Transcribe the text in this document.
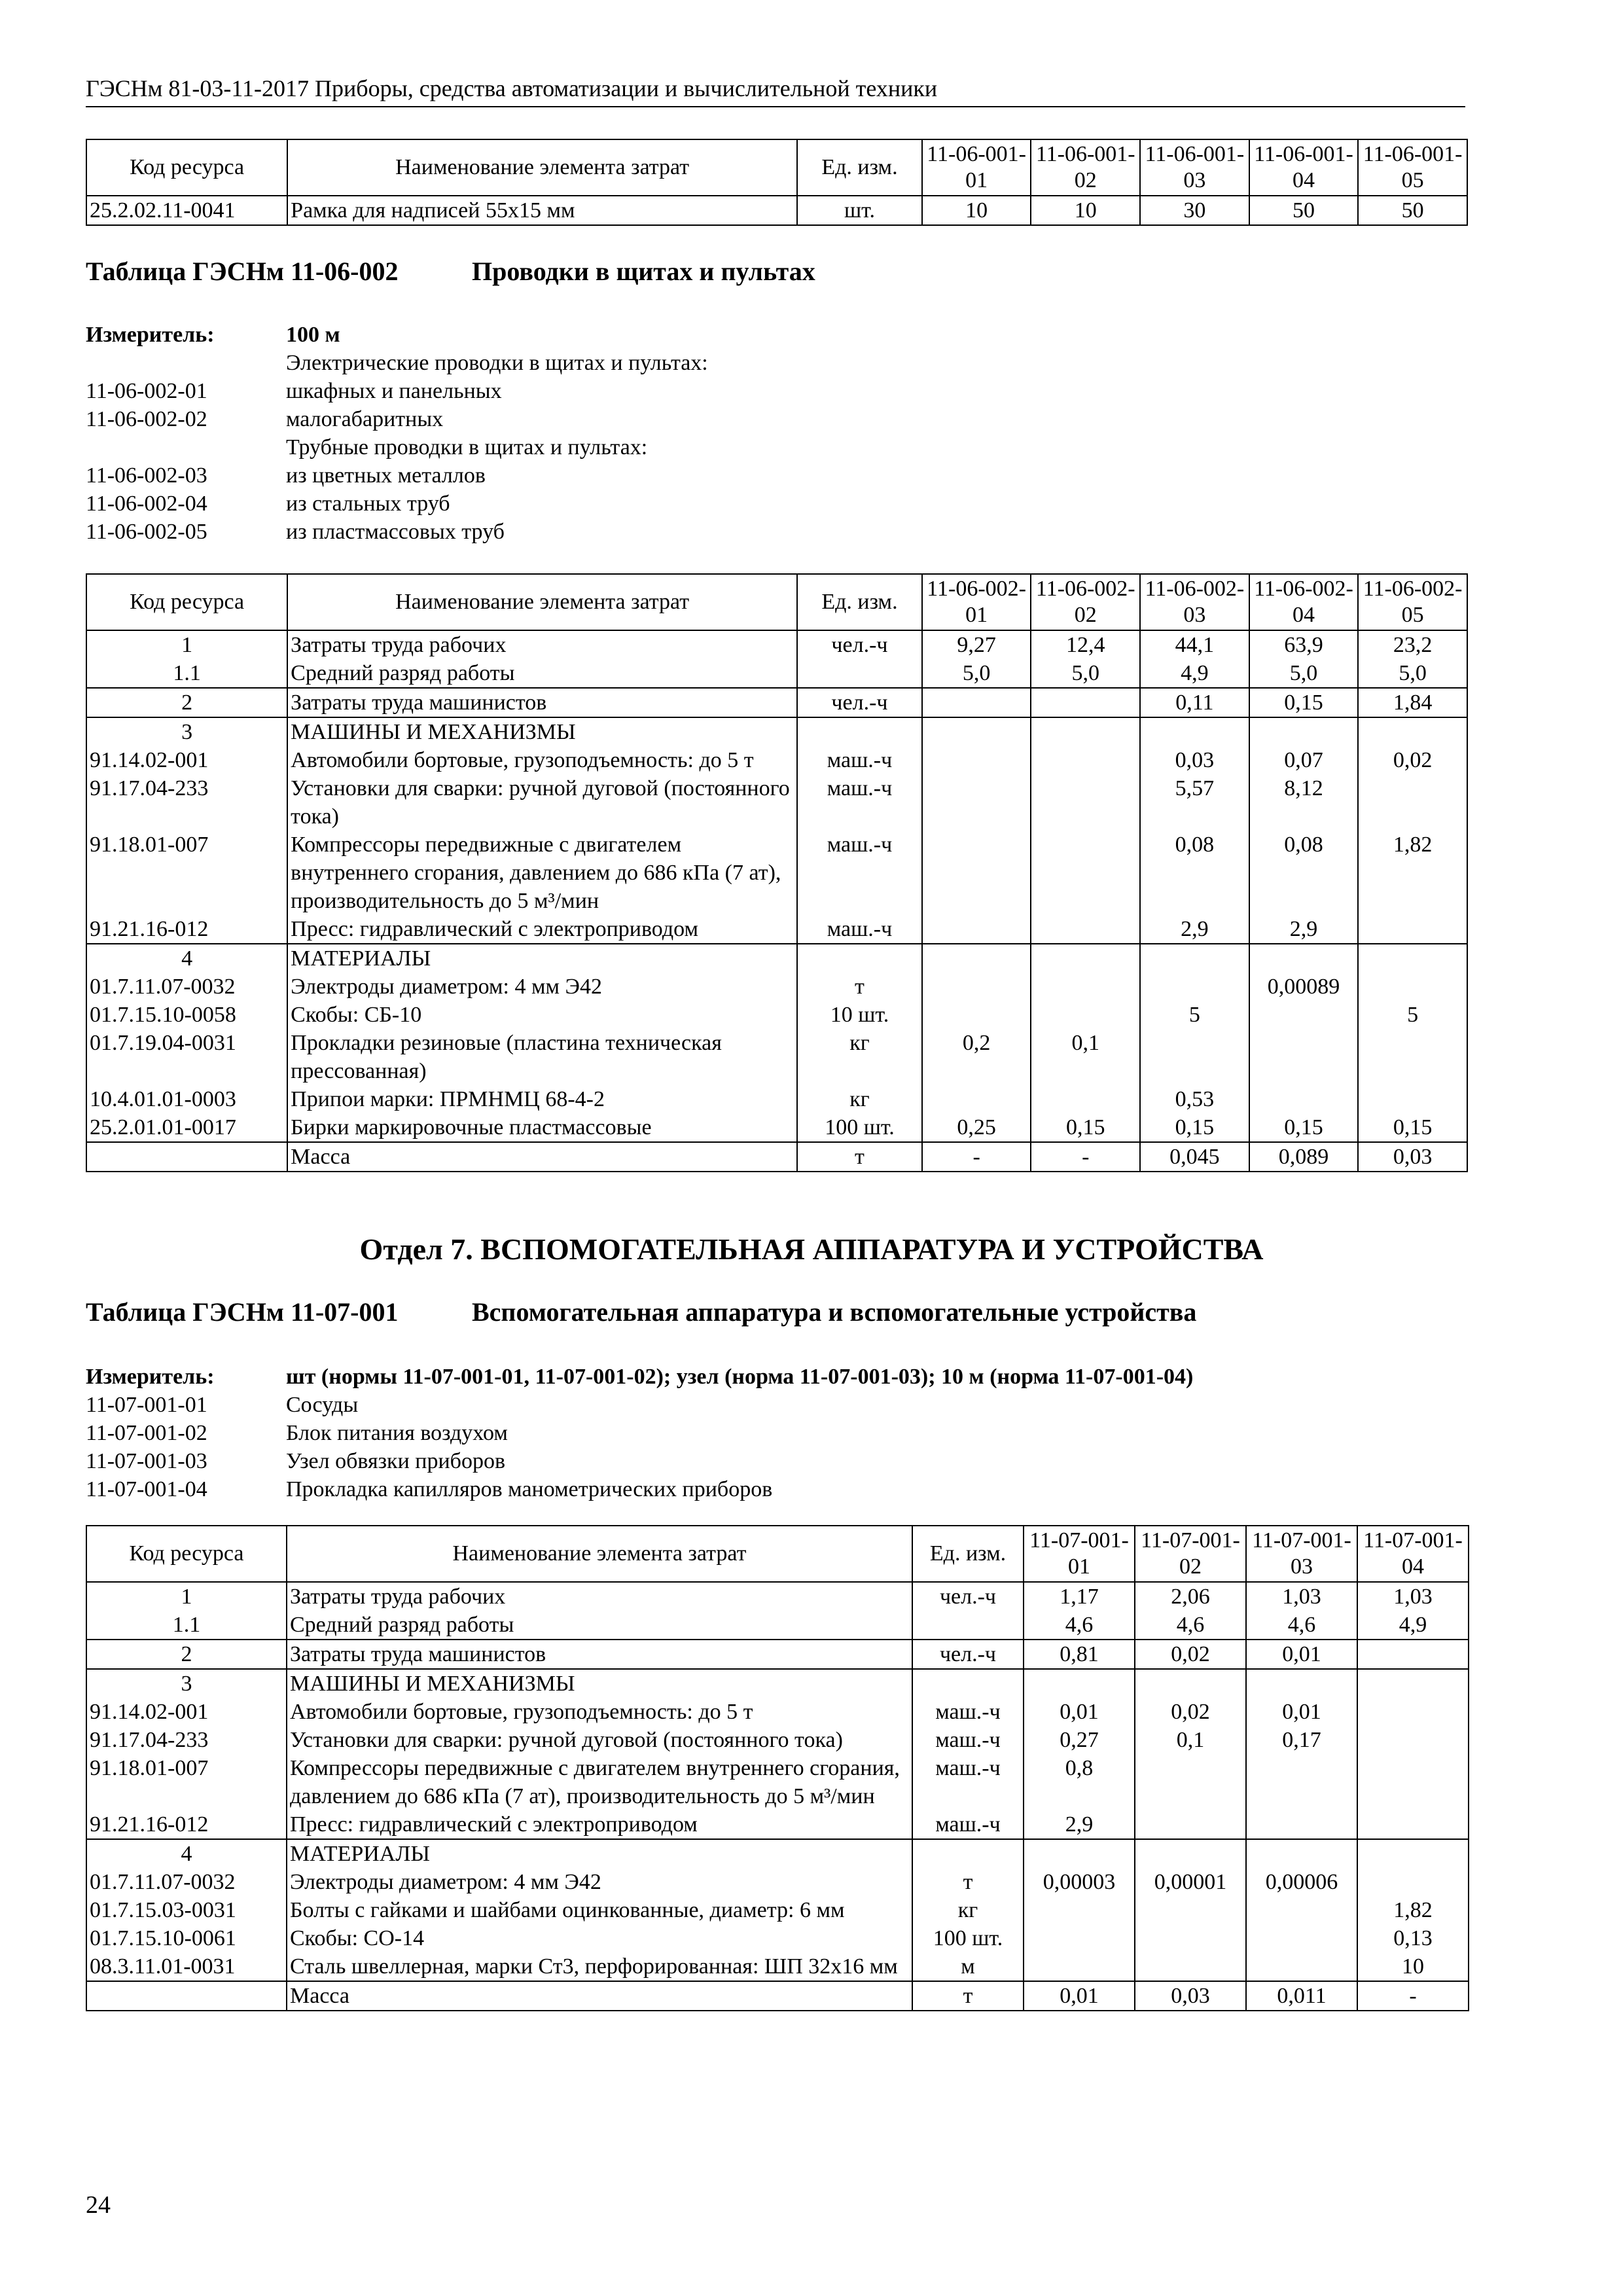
ГЭСНм 81-03-11-2017 Приборы, средства автоматизации и вычислительной техники
Код ресурса	Наименование элемента затрат	Ед. изм.	11-06-001-01	11-06-001-02	11-06-001-03	11-06-001-04	11-06-001-05
25.2.02.11-0041	Рамка для надписей 55х15 мм	шт.	10	10	30	50	50
Таблица ГЭСНм 11-06-002	Проводки в щитах и пультах
Измеритель:	100 м
Электрические проводки в щитах и пультах:
11-06-002-01	шкафных и панельных
11-06-002-02	малогабаритных
Трубные проводки в щитах и пультах:
11-06-002-03	из цветных металлов
11-06-002-04	из стальных труб
11-06-002-05	из пластмассовых труб
Код ресурса	Наименование элемента затрат	Ед. изм.	11-06-002-01	11-06-002-02	11-06-002-03	11-06-002-04	11-06-002-05
1	Затраты труда рабочих	чел.-ч	9,27	12,4	44,1	63,9	23,2
1.1	Средний разряд работы		5,0	5,0	4,9	5,0	5,0
2	Затраты труда машинистов	чел.-ч			0,11	0,15	1,84
3	МАШИНЫ И МЕХАНИЗМЫ						
91.14.02-001	Автомобили бортовые, грузоподъемность: до 5 т	маш.-ч			0,03	0,07	0,02
91.17.04-233	Установки для сварки: ручной дуговой (постоянного тока)	маш.-ч			5,57	8,12	
91.18.01-007	Компрессоры передвижные с двигателем внутреннего сгорания, давлением до 686 кПа (7 ат), производительность до 5 м³/мин	маш.-ч			0,08	0,08	1,82
91.21.16-012	Пресс: гидравлический с электроприводом	маш.-ч			2,9	2,9	
4	МАТЕРИАЛЫ						
01.7.11.07-0032	Электроды диаметром: 4 мм Э42	т				0,00089	
01.7.15.10-0058	Скобы: СБ-10	10 шт.			5		5
01.7.19.04-0031	Прокладки резиновые (пластина техническая прессованная)	кг	0,2	0,1			
10.4.01.01-0003	Припои марки: ПРМНМЦ 68-4-2	кг			0,53		
25.2.01.01-0017	Бирки маркировочные пластмассовые	100 шт.	0,25	0,15	0,15	0,15	0,15
	Масса	т	-	-	0,045	0,089	0,03
Отдел 7. ВСПОМОГАТЕЛЬНАЯ АППАРАТУРА И УСТРОЙСТВА
Таблица ГЭСНм 11-07-001	Вспомогательная аппаратура и вспомогательные устройства
Измеритель:	шт (нормы 11-07-001-01, 11-07-001-02); узел (норма 11-07-001-03); 10 м (норма 11-07-001-04)
11-07-001-01	Сосуды
11-07-001-02	Блок питания воздухом
11-07-001-03	Узел обвязки приборов
11-07-001-04	Прокладка капилляров манометрических приборов
Код ресурса	Наименование элемента затрат	Ед. изм.	11-07-001-01	11-07-001-02	11-07-001-03	11-07-001-04
1	Затраты труда рабочих	чел.-ч	1,17	2,06	1,03	1,03
1.1	Средний разряд работы		4,6	4,6	4,6	4,9
2	Затраты труда машинистов	чел.-ч	0,81	0,02	0,01	
3	МАШИНЫ И МЕХАНИЗМЫ					
91.14.02-001	Автомобили бортовые, грузоподъемность: до 5 т	маш.-ч	0,01	0,02	0,01	
91.17.04-233	Установки для сварки: ручной дуговой (постоянного тока)	маш.-ч	0,27	0,1	0,17	
91.18.01-007	Компрессоры передвижные с двигателем внутреннего сгорания, давлением до 686 кПа (7 ат), производительность до 5 м³/мин	маш.-ч	0,8			
91.21.16-012	Пресс: гидравлический с электроприводом	маш.-ч	2,9			
4	МАТЕРИАЛЫ					
01.7.11.07-0032	Электроды диаметром: 4 мм Э42	т	0,00003	0,00001	0,00006	
01.7.15.03-0031	Болты с гайками и шайбами оцинкованные, диаметр: 6 мм	кг				1,82
01.7.15.10-0061	Скобы: СО-14	100 шт.				0,13
08.3.11.01-0031	Сталь швеллерная, марки Ст3, перфорированная: ШП 32х16 мм	м				10
	Масса	т	0,01	0,03	0,011	-
24
